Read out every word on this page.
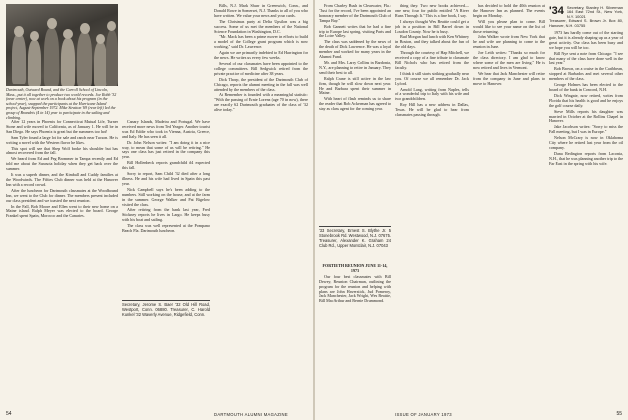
Dartmouth, Outward Bound, and the Carroll School of Lincoln, Mass., put it all together to produce two world records. Joe Robb '32 (near center), now at work on a book about his program (in the school-year), snapped the participants at the Hurricane Island project, August-September 1972. Mike Stratton '69 (rear left) led the group of Brandeis (4 in 14) year to participate in the sailing and climbing.

After 12 years in Phoenix for Connecticut Mutual Life, Turner Stone and wife moved to California, as of January 1. He will be in San Diego. He says Phoenix is great but the summers too hot!

Sam Tyler found a large lot for sale and ranch near Tucson. He is writing a novel with the Western flavor he likes.

This spot will see that Shep Wolf broke his shoulder but has almost recovered from the fall.

We heard from Ed and Peg Brommer in Tampa recently and Ed told me about the Sarasota holiday when they get back over the summer.

It was a superb dinner, and the Kimball and Cuddy families at the Woodwinds. The Fifties Club dinner was held at the Hanover Inn with a record crowd.

After the luncheon for Dartmouth classmates at the Woodbound Inn, we went to the Club for dinner. The members present included our class president and we toasted the next reunion.

In the Fall, Bob Moore and Ellen went to their new home on a Maine island. Ralph Meyer was elected to the board. George Frankel spent Spain, Morocco and the Canaries.

Canary Islands, Madeira and Portugal. We have received more news from Ted Yeager. Another tourist was Ed Eddie who took in Vienna, Austria, Greece, and Italy. He has seen it all.

Dr. John Nelson writes: "I am doing it in a nice way, to mean that some of us will be retiring." He says one class has just retired in the company this year.

Bill Hollenbeck reports grandchild #4 expected this fall.

Sorry to report, Sam Child '32 died after a long illness. He and his wife had lived in Spain this past year.

Nick Campbell says he's been adding to the numbers. Still working on the house, and at the farm in the summer. George Walker and Pat Bigelow visited the class.

After retiring from the bank last year, Fred Stickney reports he lives in Largo. He keeps busy with his boat and sailing.

The class was well represented at the Pompano Beach Fla. Dartmouth luncheon.

Secretary, Jerome S. Baer '32 Old Hill Road, Westport, Conn. 06880. Treasurer, C. Harold Kunkel '32 Waverly Avenue, Ridgefield, Conn.

Bills, N.J. Mark Shurr in Greenwich, Conn., and Donald Rowe in Somerset, N.J. Thanks to all of you who have written. We value your news and your cards.

The Christmas party at Delta Upsilon was a big success. Some of us met the members of the National Science Foundation in Washington, D.C.

"Mr. Mack has been a prime mover in efforts to build a model of the College grant program which is now working," said Dr. Lawrence.

Again we are primarily indebted to Ed Harrington for the news. He writes us every few weeks.

Several of our classmates have been appointed to the college committees. Bill Sedgwick retired from the private practice of medicine after 38 years.

Dick Thorp, the president of the Dartmouth Club of Chicago, reports the alumni meeting in the fall was well attended by the members of the class.

At Remember is founded with a meaningful statistic: "With the passing of Ernie Lorenz (age 70 in now), there are exactly 62 Dartmouth graduates of the class of '32 alive today."

54	DARTMOUTH ALUMNI MAGAZINE

From Charley Bush in Clearwater, Fla.: "Just for the record, I've been appointed an honorary member of the Dartmouth Club of Tampa Bay."

Bob Gannett writes that he had a fine trip to Europe last spring, visiting Paris and the Loire Valley.

The class was saddened by the news of the death of Dick Lawrence. He was a loyal member and worked for many years in the Alumni Fund.

Mr. and Mrs. Larry Collins in Bardonia, N.Y., are planning to retire in January. They send their best to all.

Ralph Crane is still active in the law firm, though he will slow down next year. He and Barbara spent their summer in Maine.

With heart of flash reminds us to share the reader that Bob Ackerman has agreed to stay as class agent for the coming year.

'33 Secretary, Ernest S. Blythe Jr. 5 Stonebrook Rd. Westwood, N.J. 07675. Treasurer, Alexander K. Graham 24 Club Rd., Upper Montclair, N.J. 07043

FORTIETH REUNION JUNE 11-14, 1973

Our four best classmates with Bill Dewey, Reunion Chairman, outlining the program for the reunion and helping with plans are John Haverstick, Jud Pomeroy, Jack Manchester, Jack Wright, Wes Beattie, Bill MacArthur and Bernie Drummond.

thing they. Two new books achieved—one new, four for public entitled "A River Runs Through It." This is a fine book, I say.

I always thought Wes Beattie could get a job in a position in Bill Barrel down in Loudon County. Now he is busy.

Bud Morgan had lunch with Ken Whitney in Boston, and they talked about the fun of the old days.

Through the courtesy of Hap Mitchell, we received a copy of a fine tribute to classmate Bill Nichols who has retired from the faculty.

I think it still starts striking gradually near you. Of course we all remember Dr. Jack Lyford.

Arnold Lang, writing from Naples, tells of a wonderful trip to Italy with his wife and two grandchildren.

Roy Hill has a new address in Dallas, Texas. He will be glad to hear from classmates passing through.

has decided to hold the 40th reunion at the Hanover Inn as planned. The events begin on Monday.

Will you please plan to come. Bill would like to see your name on the list of those returning.

John Walker wrote from New York that he and wife are planning to come to the reunion in June.

Joe Leith writes: "Thanks so much for the class directory. I am glad to know where some of the men are living." He is now retired and lives in Vermont.

We hear that Jack Manchester will retire from the company in June and plans to move to Hanover.

'34 Secretary, Stanley H. Silverman 164 East 72nd St., New York, N.Y. 10021
Treasurer, Edward S. Brown Jr. Box 80, Hanover, N.H. 03755

1973 has hardly come out of the starting gate, but it is already shaping up as a year of great activity. Our class has been busy and we hope you will be too.

Bill Nye sent a note from Chicago: "I see that many of the class have done well in the last year."

Bob Brown, on a cruise in the Caribbean, stopped at Barbados and met several other members of the class.

George Holmes has been elected to the board of the bank in Concord, N.H.

Dick Wingate, now retired, writes from Florida that his health is good and he enjoys the golf course daily.

Steve Mills reports his daughter was married in October at the Rollins Chapel in Hanover.

Jake Jacobson writes: "Sorry to miss the Fall meeting, but I was in Europe."

Nelson McCrary is now in Oklahoma City where he retired last year from the oil company.

Dana Redington reports from Laconia, N.H., that he was planning another trip to the Far East in the spring with his wife.

ISSUE OF JANUARY 1973	55
